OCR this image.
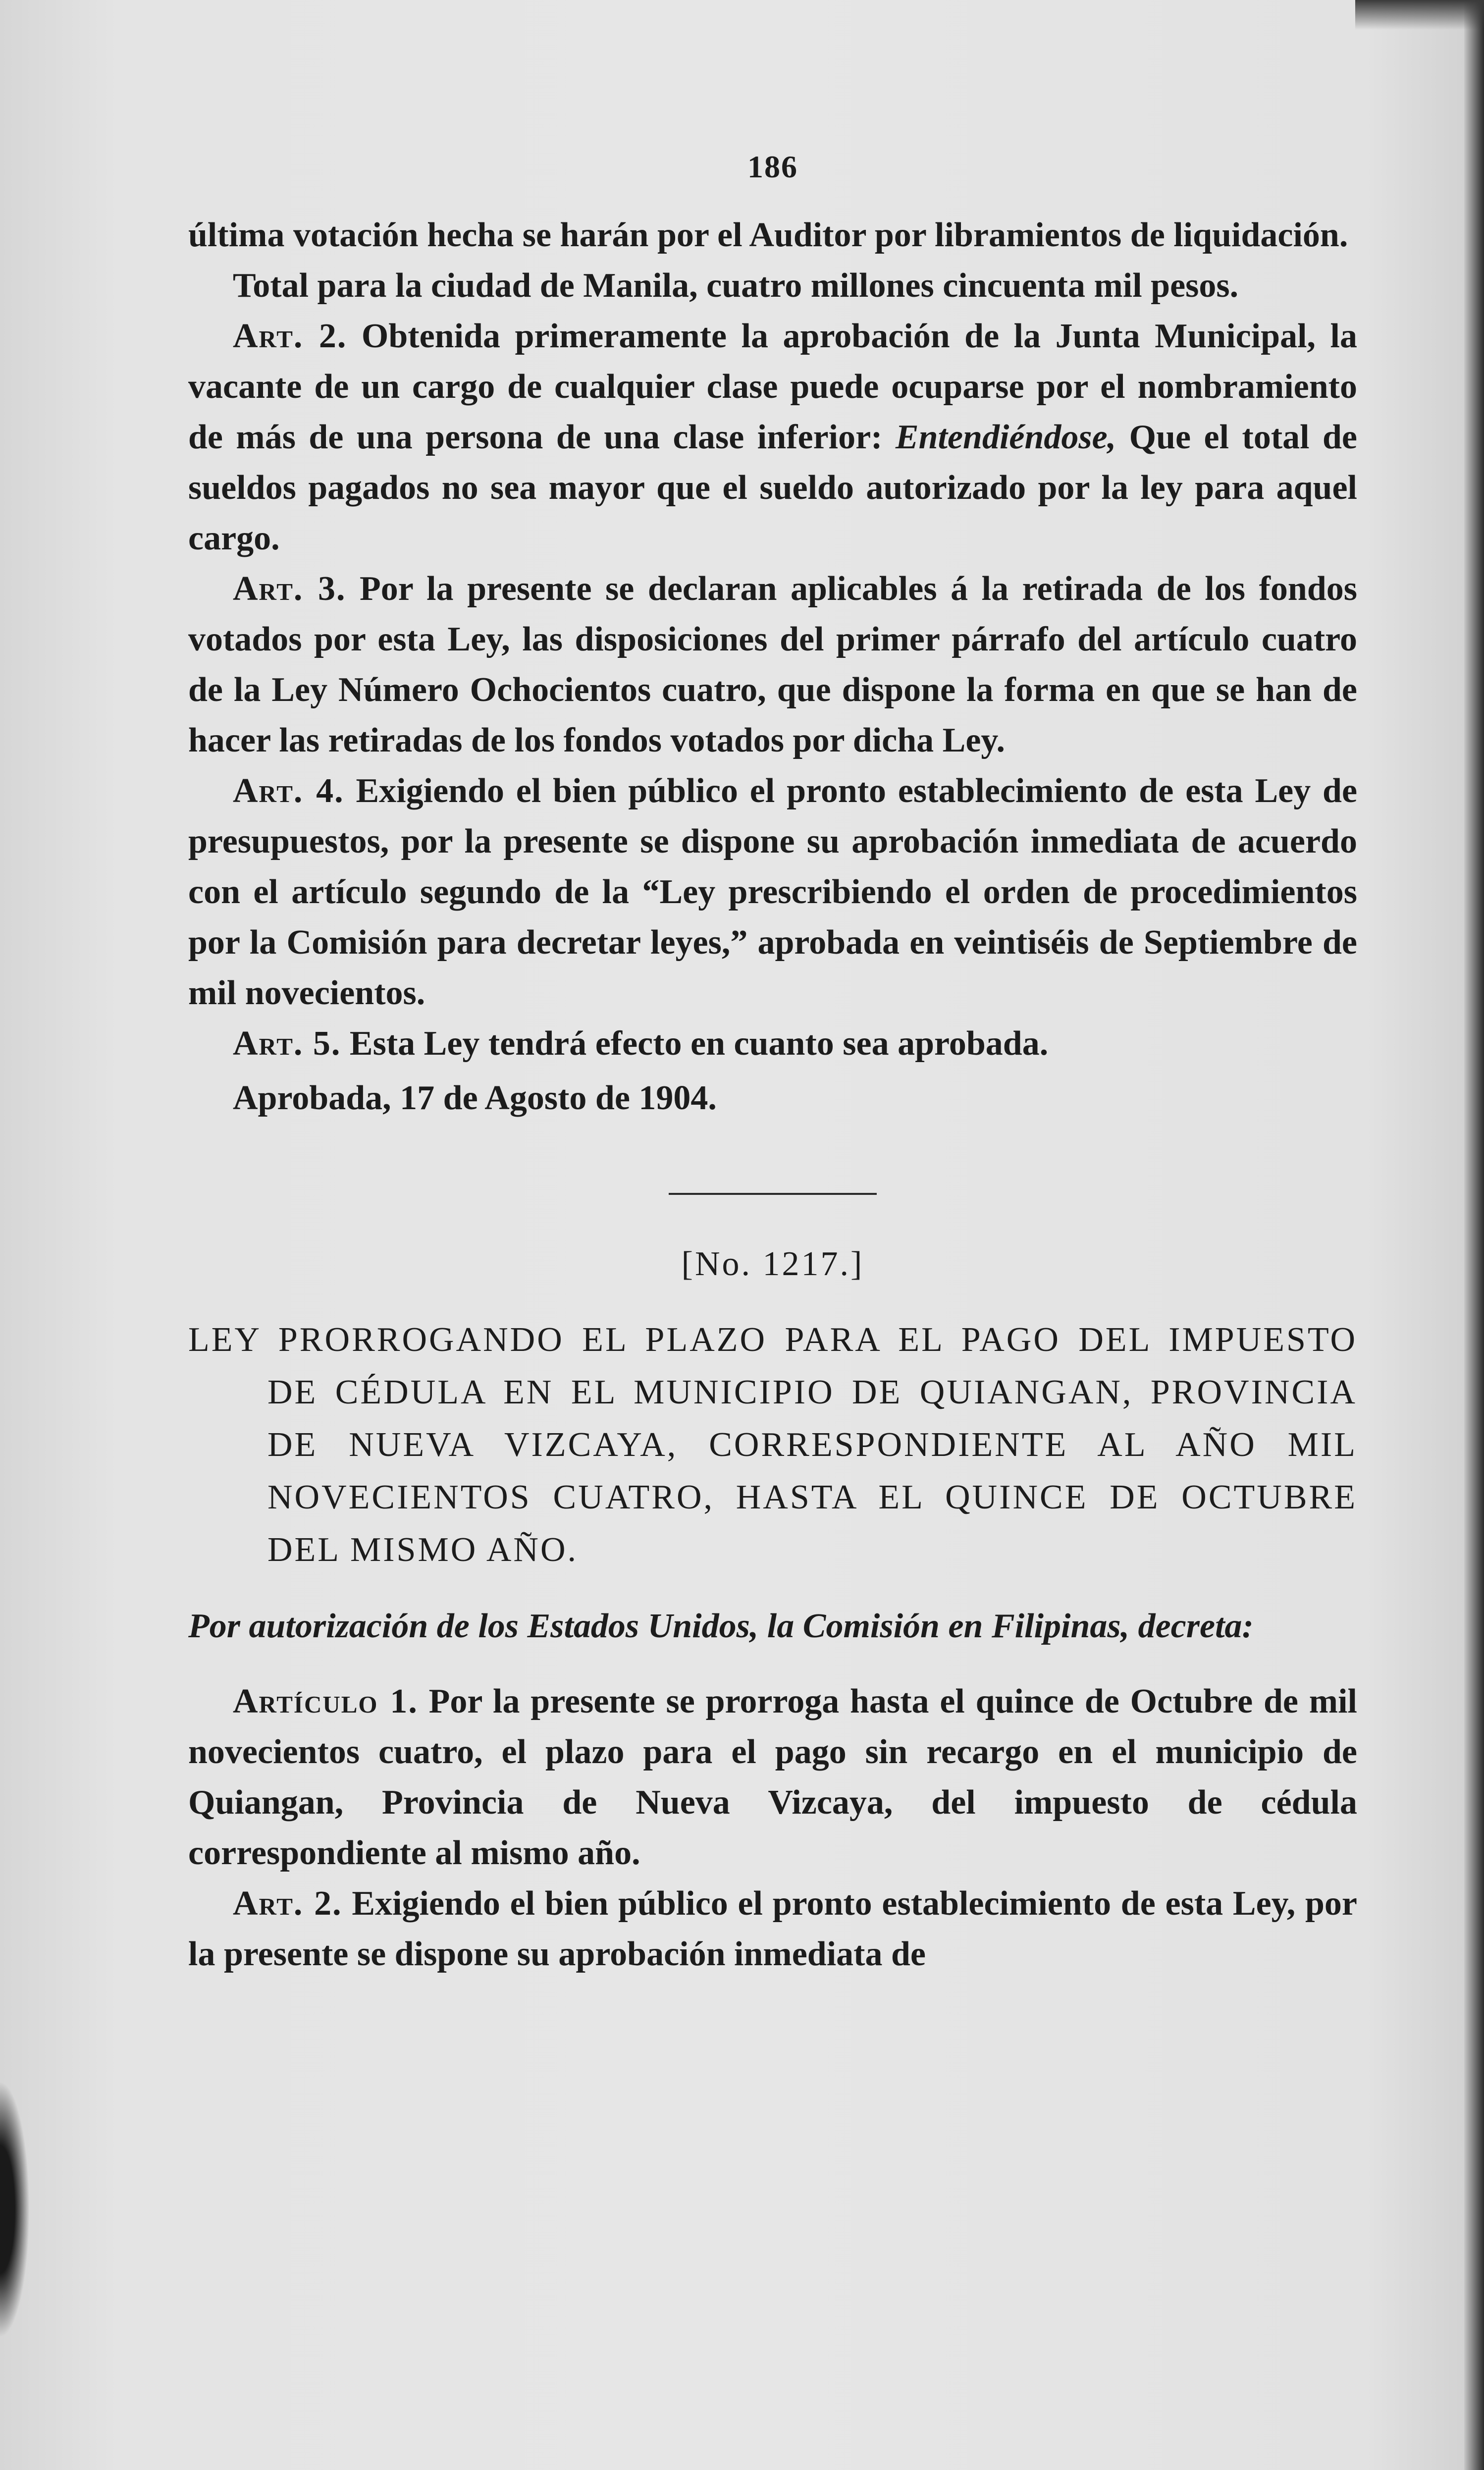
186

última votación hecha se harán por el Auditor por libramientos de liquidación.

Total para la ciudad de Manila, cuatro millones cincuenta mil pesos.

Art. 2. Obtenida primeramente la aprobación de la Junta Municipal, la vacante de un cargo de cualquier clase puede ocuparse por el nombramiento de más de una persona de una clase inferior: Entendiéndose, Que el total de sueldos pagados no sea mayor que el sueldo autorizado por la ley para aquel cargo.

Art. 3. Por la presente se declaran aplicables á la retirada de los fondos votados por esta Ley, las disposiciones del primer párrafo del artículo cuatro de la Ley Número Ochocientos cuatro, que dispone la forma en que se han de hacer las retiradas de los fondos votados por dicha Ley.

Art. 4. Exigiendo el bien público el pronto establecimiento de esta Ley de presupuestos, por la presente se dispone su aprobación inmediata de acuerdo con el artículo segundo de la “Ley prescribiendo el orden de procedimientos por la Comisión para decretar leyes,” aprobada en veintiséis de Septiembre de mil novecientos.

Art. 5. Esta Ley tendrá efecto en cuanto sea aprobada.

Aprobada, 17 de Agosto de 1904.

[No. 1217.]
LEY PRORROGANDO EL PLAZO PARA EL PAGO DEL IMPUESTO DE CÉDULA EN EL MUNICIPIO DE QUIANGAN, PROVINCIA DE NUEVA VIZCAYA, CORRESPONDIENTE AL AÑO MIL NOVECIENTOS CUATRO, HASTA EL QUINCE DE OCTUBRE DEL MISMO AÑO.
Por autorización de los Estados Unidos, la Comisión en Filipinas, decreta:

Artículo 1. Por la presente se prorroga hasta el quince de Octubre de mil novecientos cuatro, el plazo para el pago sin recargo en el municipio de Quiangan, Provincia de Nueva Vizcaya, del impuesto de cédula correspondiente al mismo año.

Art. 2. Exigiendo el bien público el pronto establecimiento de esta Ley, por la presente se dispone su aprobación inmediata de
